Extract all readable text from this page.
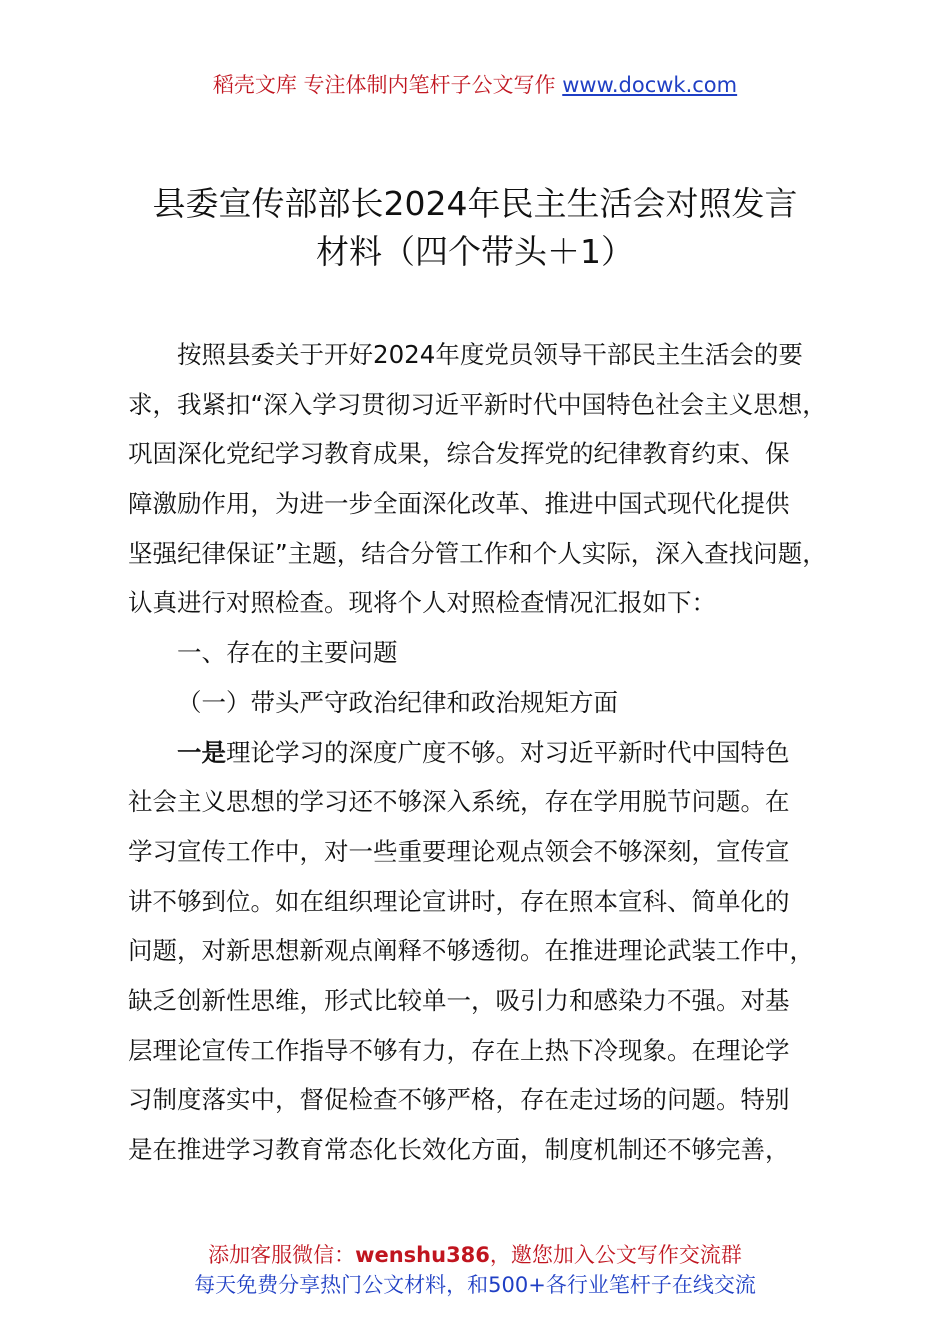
稻壳文库 专注体制内笔杆子公文写作 www.docwk.com
县委宣传部部长2024年民主生活会对照发言
材料（四个带头＋1）
按照县委关于开好2024年度党员领导干部民主生活会的要
求，我紧扣“深入学习贯彻习近平新时代中国特色社会主义思想，
巩固深化党纪学习教育成果，综合发挥党的纪律教育约束、保
障激励作用，为进一步全面深化改革、推进中国式现代化提供
坚强纪律保证”主题，结合分管工作和个人实际，深入查找问题，
认真进行对照检查。现将个人对照检查情况汇报如下：
一、存在的主要问题
（一）带头严守政治纪律和政治规矩方面
一是理论学习的深度广度不够。对习近平新时代中国特色
社会主义思想的学习还不够深入系统，存在学用脱节问题。在
学习宣传工作中，对一些重要理论观点领会不够深刻，宣传宣
讲不够到位。如在组织理论宣讲时，存在照本宣科、简单化的
问题，对新思想新观点阐释不够透彻。在推进理论武装工作中，
缺乏创新性思维，形式比较单一，吸引力和感染力不强。对基
层理论宣传工作指导不够有力，存在上热下冷现象。在理论学
习制度落实中，督促检查不够严格，存在走过场的问题。特别
是在推进学习教育常态化长效化方面，制度机制还不够完善，
添加客服微信：wenshu386，邀您加入公文写作交流群
每天免费分享热门公文材料，和500+各行业笔杆子在线交流
